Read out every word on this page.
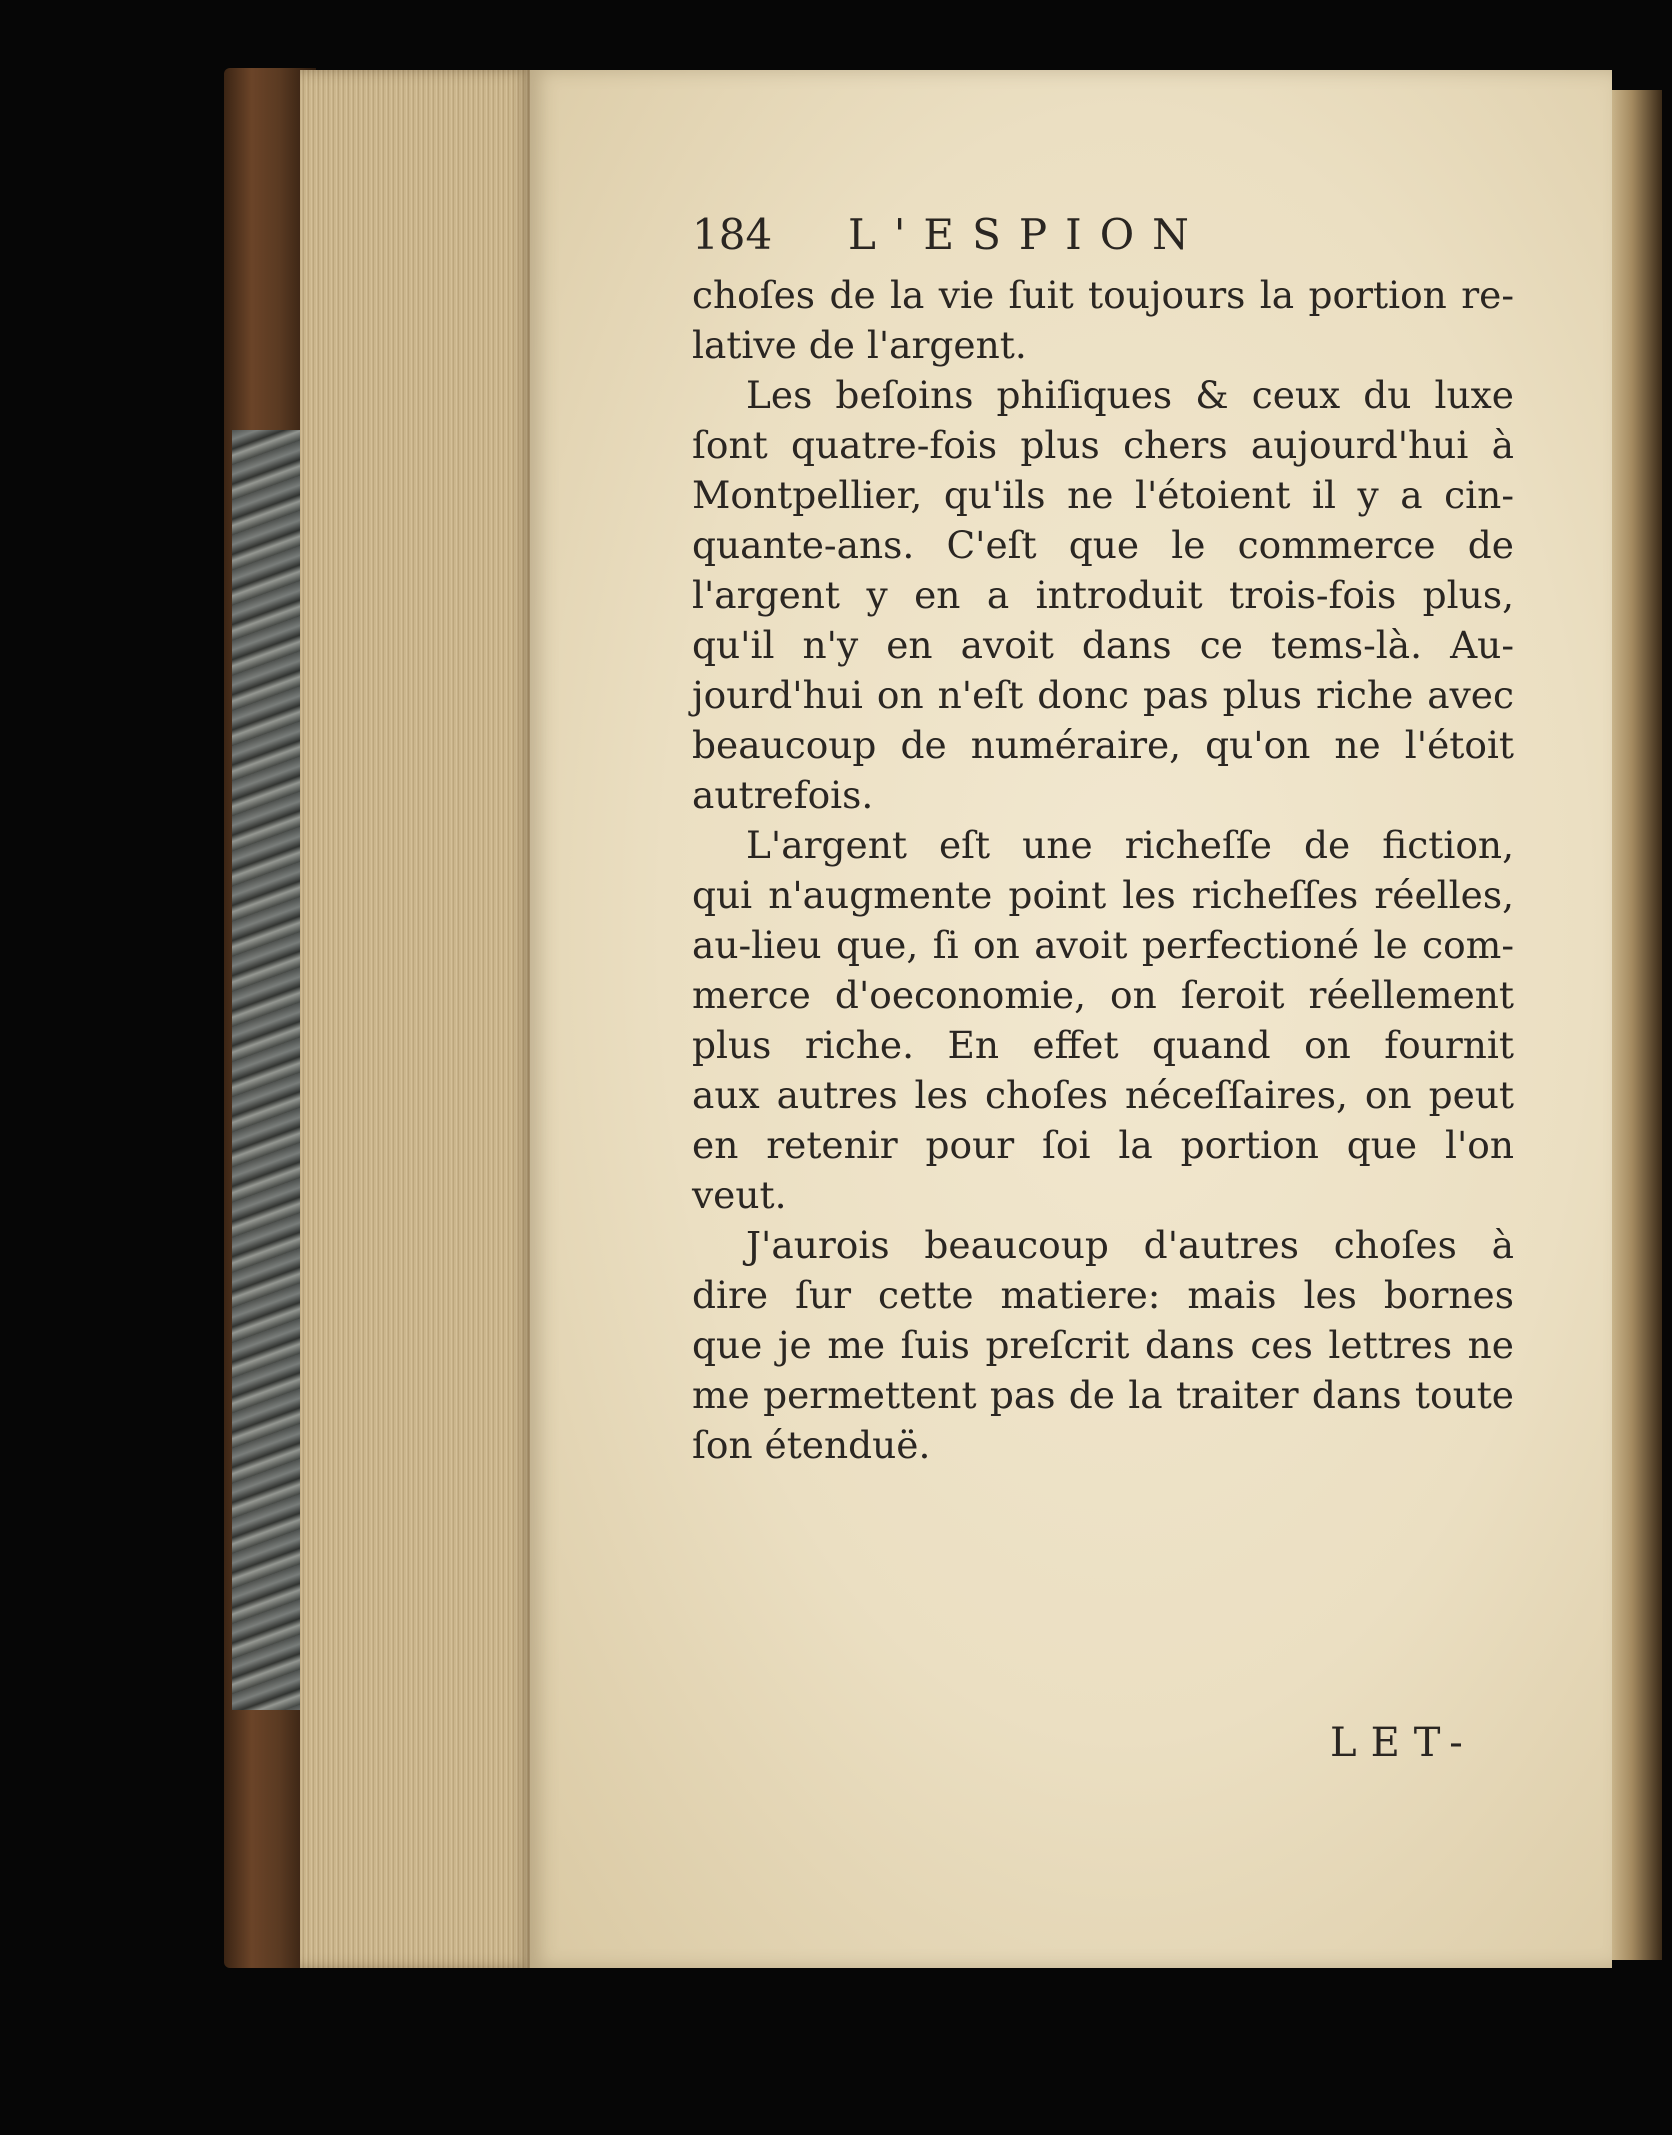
184	L'ESPION
choſes de la vie ſuit toujours la portion re-
lative de l'argent.
Les beſoins phiſiques & ceux du luxe
ſont quatre-fois plus chers aujourd'hui à
Montpellier, qu'ils ne l'étoient il y a cin-
quante-ans. C'eſt que le commerce de
l'argent y en a introduit trois-fois plus,
qu'il n'y en avoit dans ce tems-là. Au-
jourd'hui on n'eſt donc pas plus riche avec
beaucoup de numéraire, qu'on ne l'étoit
autrefois.
L'argent eſt une richeſſe de fiction,
qui n'augmente point les richeſſes réelles,
au-lieu que, ſi on avoit perfectioné le com-
merce d'oeconomie, on ſeroit réellement
plus riche. En effet quand on fournit
aux autres les choſes néceſſaires, on peut
en retenir pour ſoi la portion que l'on
veut.
J'aurois beaucoup d'autres choſes à
dire ſur cette matiere: mais les bornes
que je me ſuis preſcrit dans ces lettres ne
me permettent pas de la traiter dans toute
ſon étenduë.
LET-
